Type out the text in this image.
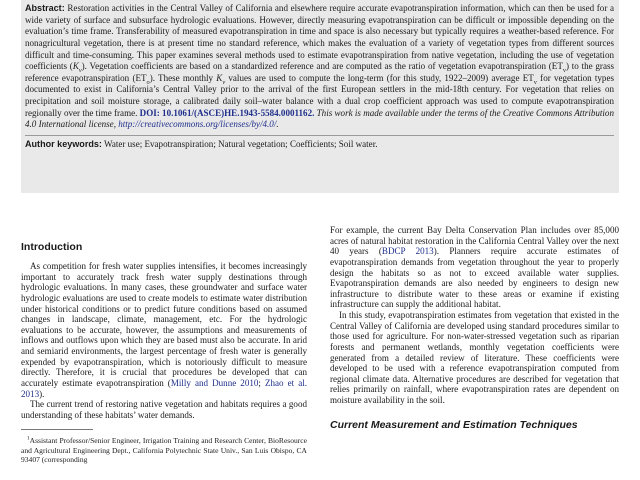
Abstract: Restoration activities in the Central Valley of California and elsewhere require accurate evapotranspiration information, which can then be used for a wide variety of surface and subsurface hydrologic evaluations. However, directly measuring evapotranspiration can be difficult or impossible depending on the evaluation’s time frame. Transferability of measured evapotranspiration in time and space is also necessary but typically requires a weather-based reference. For nonagricultural vegetation, there is at present time no standard reference, which makes the evaluation of a variety of vegetation types from different sources difficult and time-consuming. This paper examines several methods used to estimate evapotranspiration from native vegetation, including the use of vegetation coefficients $(K_v)$. Vegetation coefficients are based on a standardized reference and are computed as the ratio of vegetation evapotranspiration $(ET_v)$ to the grass reference evapotranspiration $(ET_o)$. These monthly $K_v$ values are used to compute the long-term (for this study, 1922–2009) average $ET_v$ for vegetation types documented to exist in California’s Central Valley prior to the arrival of the first European settlers in the mid-18th century. For vegetation that relies on precipitation and soil moisture storage, a calibrated daily soil–water balance with a dual crop coefficient approach was used to compute evapotranspiration regionally over the time frame. DOI: 10.1061/(ASCE)HE.1943-5584.0001162. This work is made available under the terms of the Creative Commons Attribution 4.0 International license, http://creativecommons.org/licenses/by/4.0/.

Author keywords: Water use; Evapotranspiration; Natural vegetation; Coefficients; Soil water.

Introduction

As competition for fresh water supplies intensifies, it becomes increasingly important to accurately track fresh water supply destinations through hydrologic evaluations. In many cases, these groundwater and surface water hydrologic evaluations are used to create models to estimate water distribution under historical conditions or to predict future conditions based on assumed changes in landscape, climate, management, etc. For the hydrologic evaluations to be accurate, however, the assumptions and measurements of inflows and outflows upon which they are based must also be accurate. In arid and semiarid environments, the largest percentage of fresh water is generally expended by evapotranspiration, which is notoriously difficult to measure directly. Therefore, it is crucial that procedures be developed that can accurately estimate evapotranspiration (Milly and Dunne 2010; Zhao et al. 2013).

The current trend of restoring native vegetation and habitats requires a good understanding of these habitats’ water demands.

$^1$Assistant Professor/Senior Engineer, Irrigation Training and Research Center, BioResource and Agricultural Engineering Dept., California Polytechnic State Univ., San Luis Obispo, CA 93407 (corresponding

For example, the current Bay Delta Conservation Plan includes over 85,000 acres of natural habitat restoration in the California Central Valley over the next 40 years (BDCP 2013). Planners require accurate estimates of evapotranspiration demands from vegetation throughout the year to properly design the habitats so as not to exceed available water supplies. Evapotranspiration demands are also needed by engineers to design new infrastructure to distribute water to these areas or examine if existing infrastructure can supply the additional habitat.

In this study, evapotranspiration estimates from vegetation that existed in the Central Valley of California are developed using standard procedures similar to those used for agriculture. For non-water-stressed vegetation such as riparian forests and permanent wetlands, monthly vegetation coefficients were generated from a detailed review of literature. These coefficients were developed to be used with a reference evapotranspiration computed from regional climate data. Alternative procedures are described for vegetation that relies primarily on rainfall, where evapotranspiration rates are dependent on moisture availability in the soil.

Current Measurement and Estimation Techniques
